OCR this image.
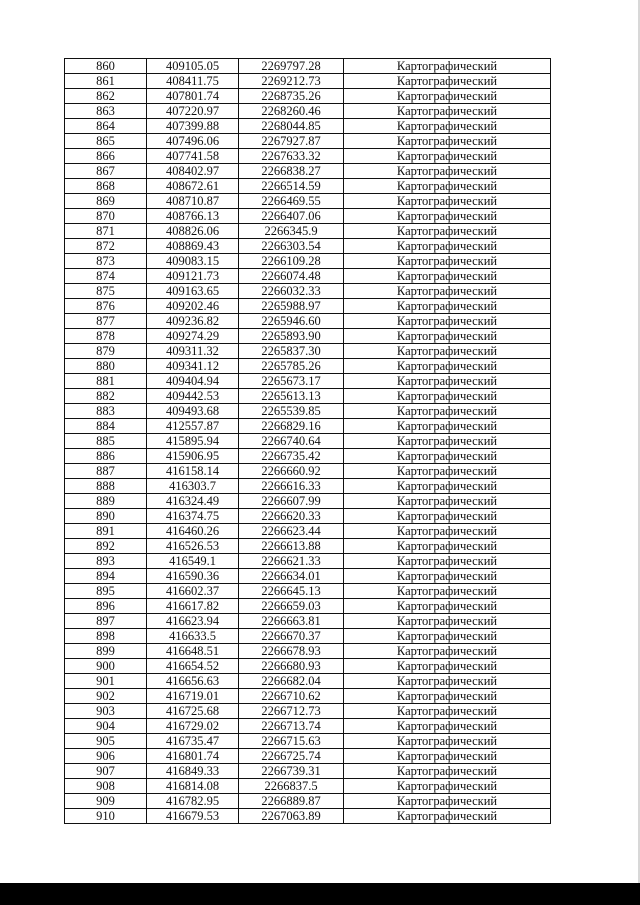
860	409105.05	2269797.28	Картографический
861	408411.75	2269212.73	Картографический
862	407801.74	2268735.26	Картографический
863	407220.97	2268260.46	Картографический
864	407399.88	2268044.85	Картографический
865	407496.06	2267927.87	Картографический
866	407741.58	2267633.32	Картографический
867	408402.97	2266838.27	Картографический
868	408672.61	2266514.59	Картографический
869	408710.87	2266469.55	Картографический
870	408766.13	2266407.06	Картографический
871	408826.06	2266345.9	Картографический
872	408869.43	2266303.54	Картографический
873	409083.15	2266109.28	Картографический
874	409121.73	2266074.48	Картографический
875	409163.65	2266032.33	Картографический
876	409202.46	2265988.97	Картографический
877	409236.82	2265946.60	Картографический
878	409274.29	2265893.90	Картографический
879	409311.32	2265837.30	Картографический
880	409341.12	2265785.26	Картографический
881	409404.94	2265673.17	Картографический
882	409442.53	2265613.13	Картографический
883	409493.68	2265539.85	Картографический
884	412557.87	2266829.16	Картографический
885	415895.94	2266740.64	Картографический
886	415906.95	2266735.42	Картографический
887	416158.14	2266660.92	Картографический
888	416303.7	2266616.33	Картографический
889	416324.49	2266607.99	Картографический
890	416374.75	2266620.33	Картографический
891	416460.26	2266623.44	Картографический
892	416526.53	2266613.88	Картографический
893	416549.1	2266621.33	Картографический
894	416590.36	2266634.01	Картографический
895	416602.37	2266645.13	Картографический
896	416617.82	2266659.03	Картографический
897	416623.94	2266663.81	Картографический
898	416633.5	2266670.37	Картографический
899	416648.51	2266678.93	Картографический
900	416654.52	2266680.93	Картографический
901	416656.63	2266682.04	Картографический
902	416719.01	2266710.62	Картографический
903	416725.68	2266712.73	Картографический
904	416729.02	2266713.74	Картографический
905	416735.47	2266715.63	Картографический
906	416801.74	2266725.74	Картографический
907	416849.33	2266739.31	Картографический
908	416814.08	2266837.5	Картографический
909	416782.95	2266889.87	Картографический
910	416679.53	2267063.89	Картографический
